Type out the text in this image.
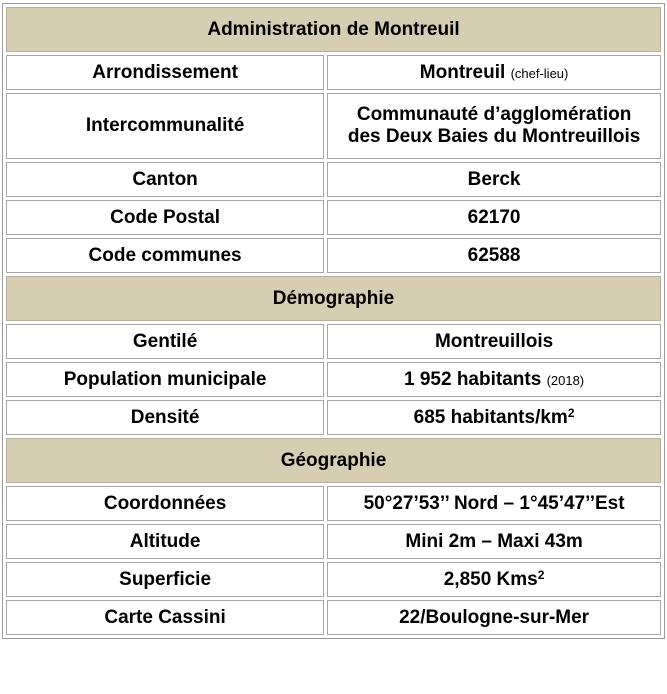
Administration de Montreuil	
Arrondissement	Montreuil (chef-lieu)
Intercommunalité	Communauté d’agglomération
des Deux Baies du Montreuillois

Canton	Berck
Code Postal	62170
Code communes	62588
Démographie	
Gentilé	Montreuillois
Population municipale	1 952 habitants (2018)
Densité	685 habitants/$km^2$
Géographie	
Coordonnées	50°27’53’’ Nord – 1°45’47’’Est
Altitude	Mini 2m – Maxi 43m
Superficie	2,850 Kms$^2$
Carte Cassini	22/Boulogne-sur-Mer
